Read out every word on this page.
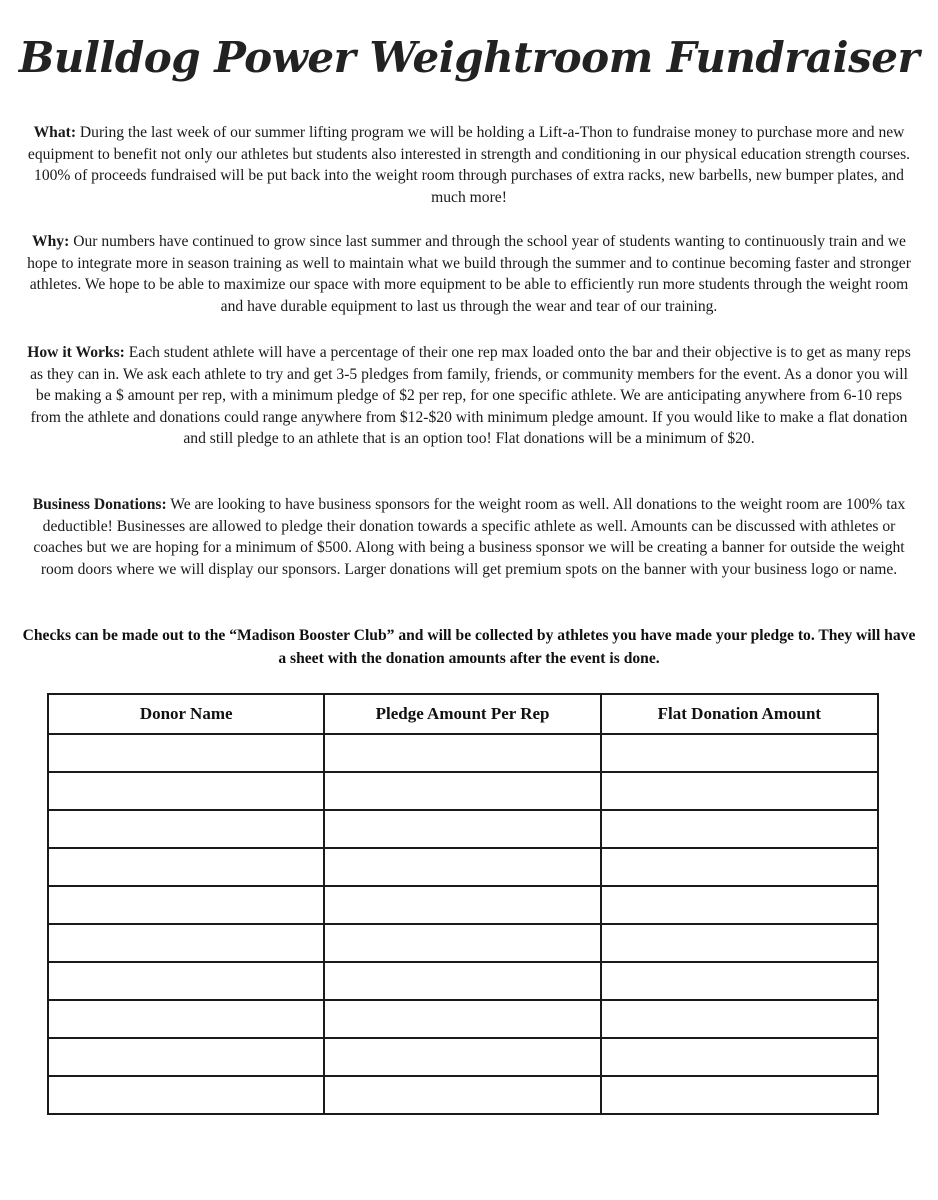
Bulldog Power Weightroom Fundraiser
What: During the last week of our summer lifting program we will be holding a Lift-a-Thon to fundraise money to purchase more and new equipment to benefit not only our athletes but students also interested in strength and conditioning in our physical education strength courses. 100% of proceeds fundraised will be put back into the weight room through purchases of extra racks, new barbells, new bumper plates, and much more!
Why: Our numbers have continued to grow since last summer and through the school year of students wanting to continuously train and we hope to integrate more in season training as well to maintain what we build through the summer and to continue becoming faster and stronger athletes. We hope to be able to maximize our space with more equipment to be able to efficiently run more students through the weight room and have durable equipment to last us through the wear and tear of our training.
How it Works: Each student athlete will have a percentage of their one rep max loaded onto the bar and their objective is to get as many reps as they can in. We ask each athlete to try and get 3-5 pledges from family, friends, or community members for the event. As a donor you will be making a $ amount per rep, with a minimum pledge of $2 per rep, for one specific athlete. We are anticipating anywhere from 6-10 reps from the athlete and donations could range anywhere from $12-$20 with minimum pledge amount. If you would like to make a flat donation and still pledge to an athlete that is an option too! Flat donations will be a minimum of $20.
Business Donations: We are looking to have business sponsors for the weight room as well. All donations to the weight room are 100% tax deductible! Businesses are allowed to pledge their donation towards a specific athlete as well. Amounts can be discussed with athletes or coaches but we are hoping for a minimum of $500. Along with being a business sponsor we will be creating a banner for outside the weight room doors where we will display our sponsors. Larger donations will get premium spots on the banner with your business logo or name.
Checks can be made out to the “Madison Booster Club” and will be collected by athletes you have made your pledge to. They will have a sheet with the donation amounts after the event is done.
Donor Name	Pledge Amount Per Rep	Flat Donation Amount
